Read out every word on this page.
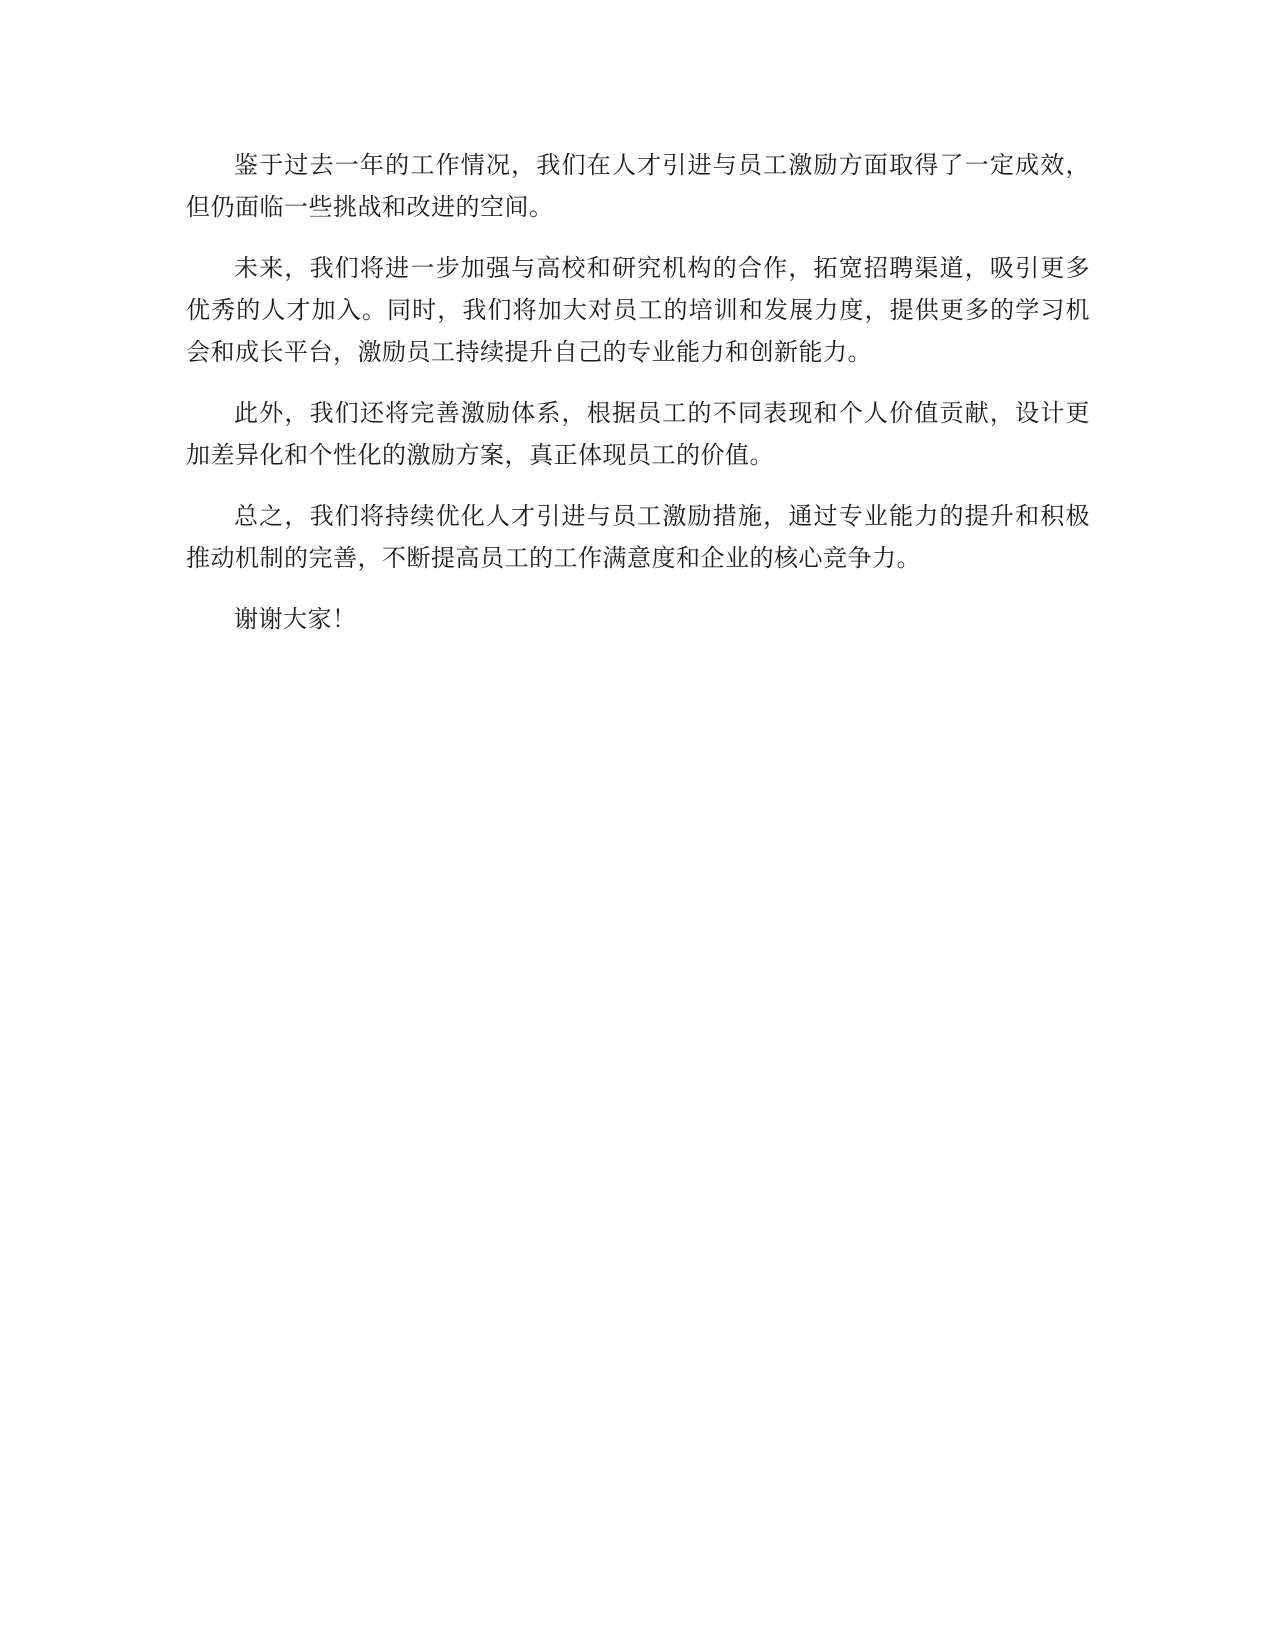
鉴于过去一年的工作情况，我们在人才引进与员工激励方面取得了一定成效，但仍面临一些挑战和改进的空间。

未来，我们将进一步加强与高校和研究机构的合作，拓宽招聘渠道，吸引更多优秀的人才加入。同时，我们将加大对员工的培训和发展力度，提供更多的学习机会和成长平台，激励员工持续提升自己的专业能力和创新能力。

此外，我们还将完善激励体系，根据员工的不同表现和个人价值贡献，设计更加差异化和个性化的激励方案，真正体现员工的价值。

总之，我们将持续优化人才引进与员工激励措施，通过专业能力的提升和积极推动机制的完善，不断提高员工的工作满意度和企业的核心竞争力。

谢谢大家！
